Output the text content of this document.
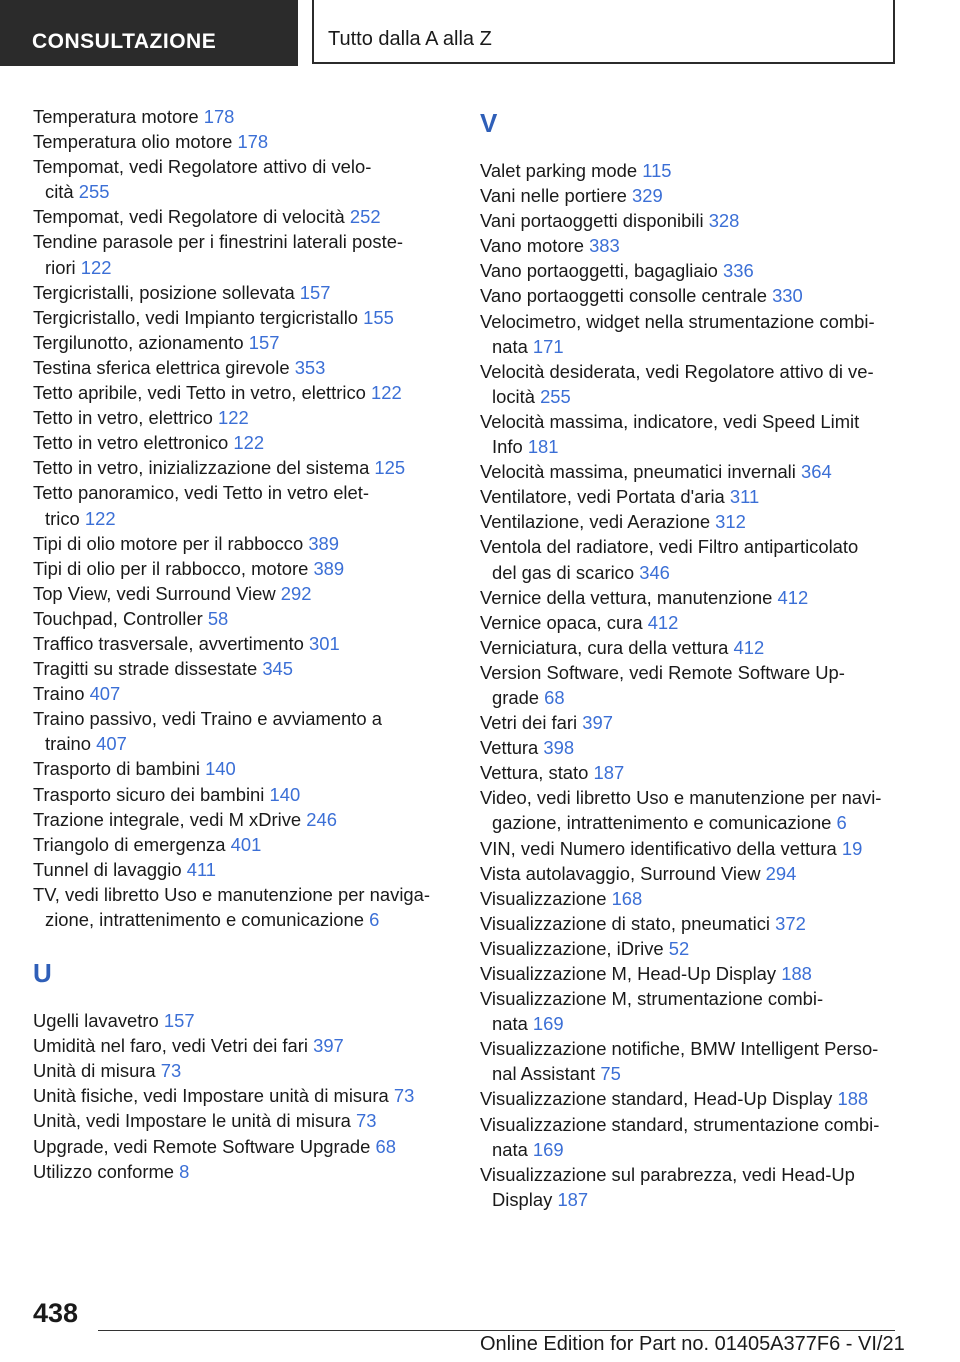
CONSULTAZIONE	Tutto dalla A alla Z
Temperatura motore 178
Temperatura olio motore 178
Tempomat, vedi Regolatore attivo di velo-
cità 255
Tempomat, vedi Regolatore di velocità 252
Tendine parasole per i finestrini laterali poste-
riori 122
Tergicristalli, posizione sollevata 157
Tergicristallo, vedi Impianto tergicristallo 155
Tergilunotto, azionamento 157
Testina sferica elettrica girevole 353
Tetto apribile, vedi Tetto in vetro, elettrico 122
Tetto in vetro, elettrico 122
Tetto in vetro elettronico 122
Tetto in vetro, inizializzazione del sistema 125
Tetto panoramico, vedi Tetto in vetro elet-
trico 122
Tipi di olio motore per il rabbocco 389
Tipi di olio per il rabbocco, motore 389
Top View, vedi Surround View 292
Touchpad, Controller 58
Traffico trasversale, avvertimento 301
Tragitti su strade dissestate 345
Traino 407
Traino passivo, vedi Traino e avviamento a
traino 407
Trasporto di bambini 140
Trasporto sicuro dei bambini 140
Trazione integrale, vedi M xDrive 246
Triangolo di emergenza 401
Tunnel di lavaggio 411
TV, vedi libretto Uso e manutenzione per naviga-
zione, intrattenimento e comunicazione 6
U
Ugelli lavavetro 157
Umidità nel faro, vedi Vetri dei fari 397
Unità di misura 73
Unità fisiche, vedi Impostare unità di misura 73
Unità, vedi Impostare le unità di misura 73
Upgrade, vedi Remote Software Upgrade 68
Utilizzo conforme 8
V
Valet parking mode 115
Vani nelle portiere 329
Vani portaoggetti disponibili 328
Vano motore 383
Vano portaoggetti, bagagliaio 336
Vano portaoggetti consolle centrale 330
Velocimetro, widget nella strumentazione combi-
nata 171
Velocità desiderata, vedi Regolatore attivo di ve-
locità 255
Velocità massima, indicatore, vedi Speed Limit
Info 181
Velocità massima, pneumatici invernali 364
Ventilatore, vedi Portata d'aria 311
Ventilazione, vedi Aerazione 312
Ventola del radiatore, vedi Filtro antiparticolato
del gas di scarico 346
Vernice della vettura, manutenzione 412
Vernice opaca, cura 412
Verniciatura, cura della vettura 412
Version Software, vedi Remote Software Up-
grade 68
Vetri dei fari 397
Vettura 398
Vettura, stato 187
Video, vedi libretto Uso e manutenzione per navi-
gazione, intrattenimento e comunicazione 6
VIN, vedi Numero identificativo della vettura 19
Vista autolavaggio, Surround View 294
Visualizzazione 168
Visualizzazione di stato, pneumatici 372
Visualizzazione, iDrive 52
Visualizzazione M, Head-Up Display 188
Visualizzazione M, strumentazione combi-
nata 169
Visualizzazione notifiche, BMW Intelligent Perso-
nal Assistant 75
Visualizzazione standard, Head-Up Display 188
Visualizzazione standard, strumentazione combi-
nata 169
Visualizzazione sul parabrezza, vedi Head-Up
Display 187
438
Online Edition for Part no. 01405A377F6 - VI/21
